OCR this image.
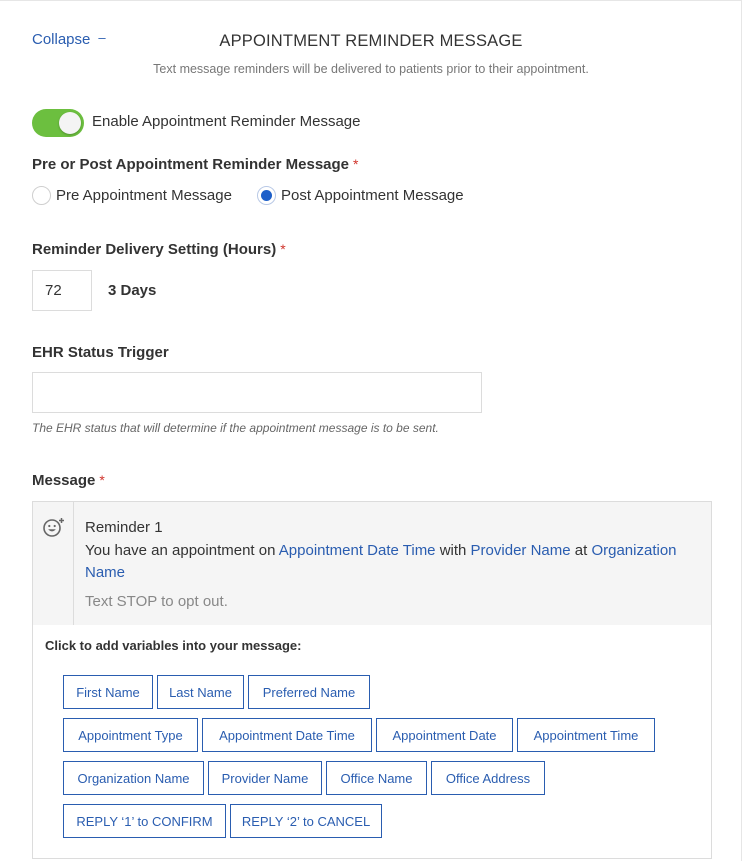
Collapse –	APPOINTMENT REMINDER MESSAGE
Text message reminders will be delivered to patients prior to their appointment.
Enable Appointment Reminder Message
Pre or Post Appointment Reminder Message *
Pre Appointment Message	Post Appointment Message
Reminder Delivery Setting (Hours) *
72
3 Days
EHR Status Trigger
The EHR status that will determine if the appointment message is to be sent.
Message *
Reminder 1
You have an appointment on Appointment Date Time with Provider Name at Organization Name
Text STOP to opt out.
Click to add variables into your message:
First Name	Last Name	Preferred Name
Appointment Type	Appointment Date Time	Appointment Date	Appointment Time
Organization Name	Provider Name	Office Name	Office Address
REPLY ‘1’ to CONFIRM	REPLY ‘2’ to CANCEL
